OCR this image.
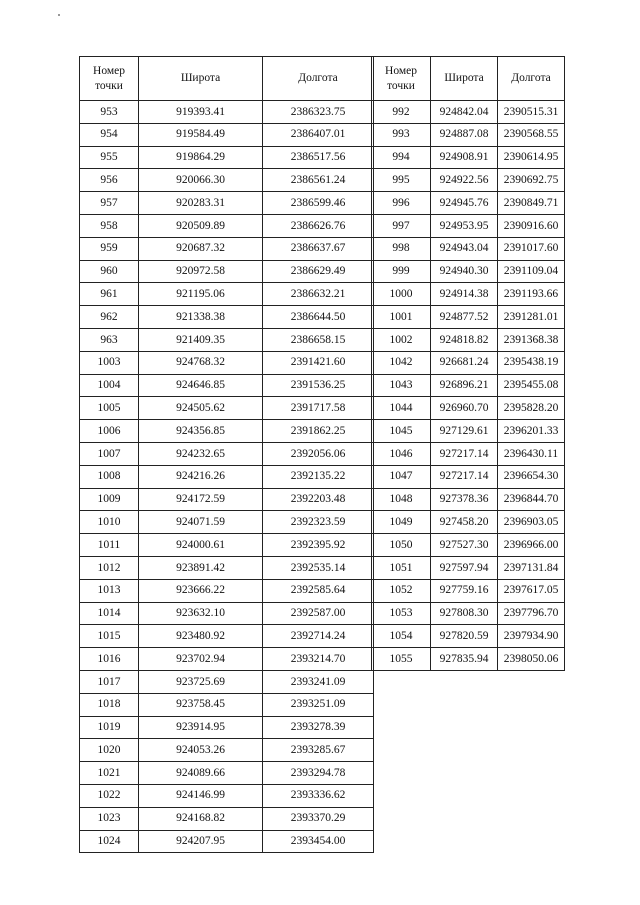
Номер
точки	Широта	Долгота
953	919393.41	2386323.75
954	919584.49	2386407.01
955	919864.29	2386517.56
956	920066.30	2386561.24
957	920283.31	2386599.46
958	920509.89	2386626.76
959	920687.32	2386637.67
960	920972.58	2386629.49
961	921195.06	2386632.21
962	921338.38	2386644.50
963	921409.35	2386658.15
1003	924768.32	2391421.60
1004	924646.85	2391536.25
1005	924505.62	2391717.58
1006	924356.85	2391862.25
1007	924232.65	2392056.06
1008	924216.26	2392135.22
1009	924172.59	2392203.48
1010	924071.59	2392323.59
1011	924000.61	2392395.92
1012	923891.42	2392535.14
1013	923666.22	2392585.64
1014	923632.10	2392587.00
1015	923480.92	2392714.24
1016	923702.94	2393214.70
1017	923725.69	2393241.09
1018	923758.45	2393251.09
1019	923914.95	2393278.39
1020	924053.26	2393285.67
1021	924089.66	2393294.78
1022	924146.99	2393336.62
1023	924168.82	2393370.29
1024	924207.95	2393454.00
Номер
точки	Широта	Долгота
992	924842.04	2390515.31
993	924887.08	2390568.55
994	924908.91	2390614.95
995	924922.56	2390692.75
996	924945.76	2390849.71
997	924953.95	2390916.60
998	924943.04	2391017.60
999	924940.30	2391109.04
1000	924914.38	2391193.66
1001	924877.52	2391281.01
1002	924818.82	2391368.38
1042	926681.24	2395438.19
1043	926896.21	2395455.08
1044	926960.70	2395828.20
1045	927129.61	2396201.33
1046	927217.14	2396430.11
1047	927217.14	2396654.30
1048	927378.36	2396844.70
1049	927458.20	2396903.05
1050	927527.30	2396966.00
1051	927597.94	2397131.84
1052	927759.16	2397617.05
1053	927808.30	2397796.70
1054	927820.59	2397934.90
1055	927835.94	2398050.06
